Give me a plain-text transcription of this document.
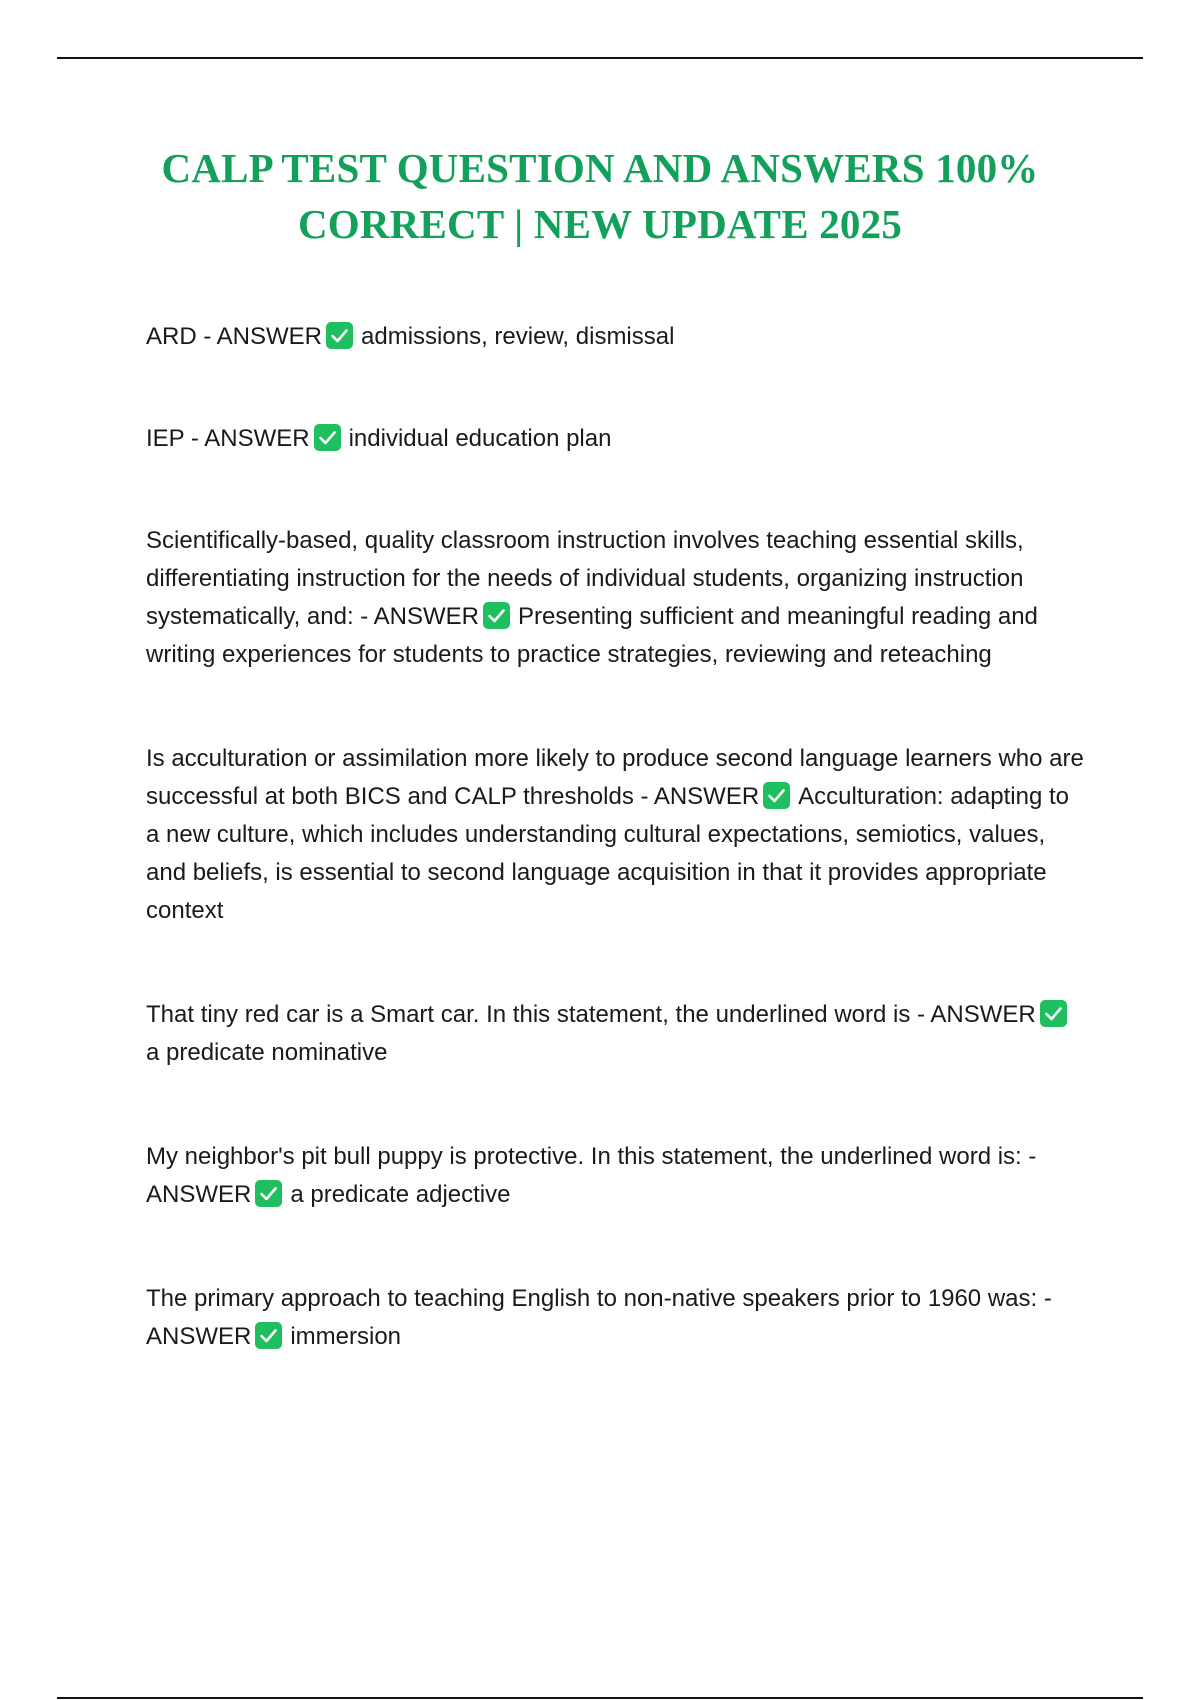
CALP TEST QUESTION AND ANSWERS 100%
CORRECT | NEW UPDATE 2025

ARD - ANSWER admissions, review, dismissal

IEP - ANSWER individual education plan

Scientifically-based, quality classroom instruction involves teaching essential skills, differentiating instruction for the needs of individual students, organizing instruction systematically, and: - ANSWER Presenting sufficient and meaningful reading and writing experiences for students to practice strategies, reviewing and reteaching

Is acculturation or assimilation more likely to produce second language learners who are successful at both BICS and CALP thresholds - ANSWER Acculturation: adapting to a new culture, which includes understanding cultural expectations, semiotics, values, and beliefs, is essential to second language acquisition in that it provides appropriate context

That tiny red car is a Smart car. In this statement, the underlined word is - ANSWER
a predicate nominative

My neighbor's pit bull puppy is protective. In this statement, the underlined word is: - ANSWER a predicate adjective

The primary approach to teaching English to non-native speakers prior to 1960 was: - ANSWER immersion
